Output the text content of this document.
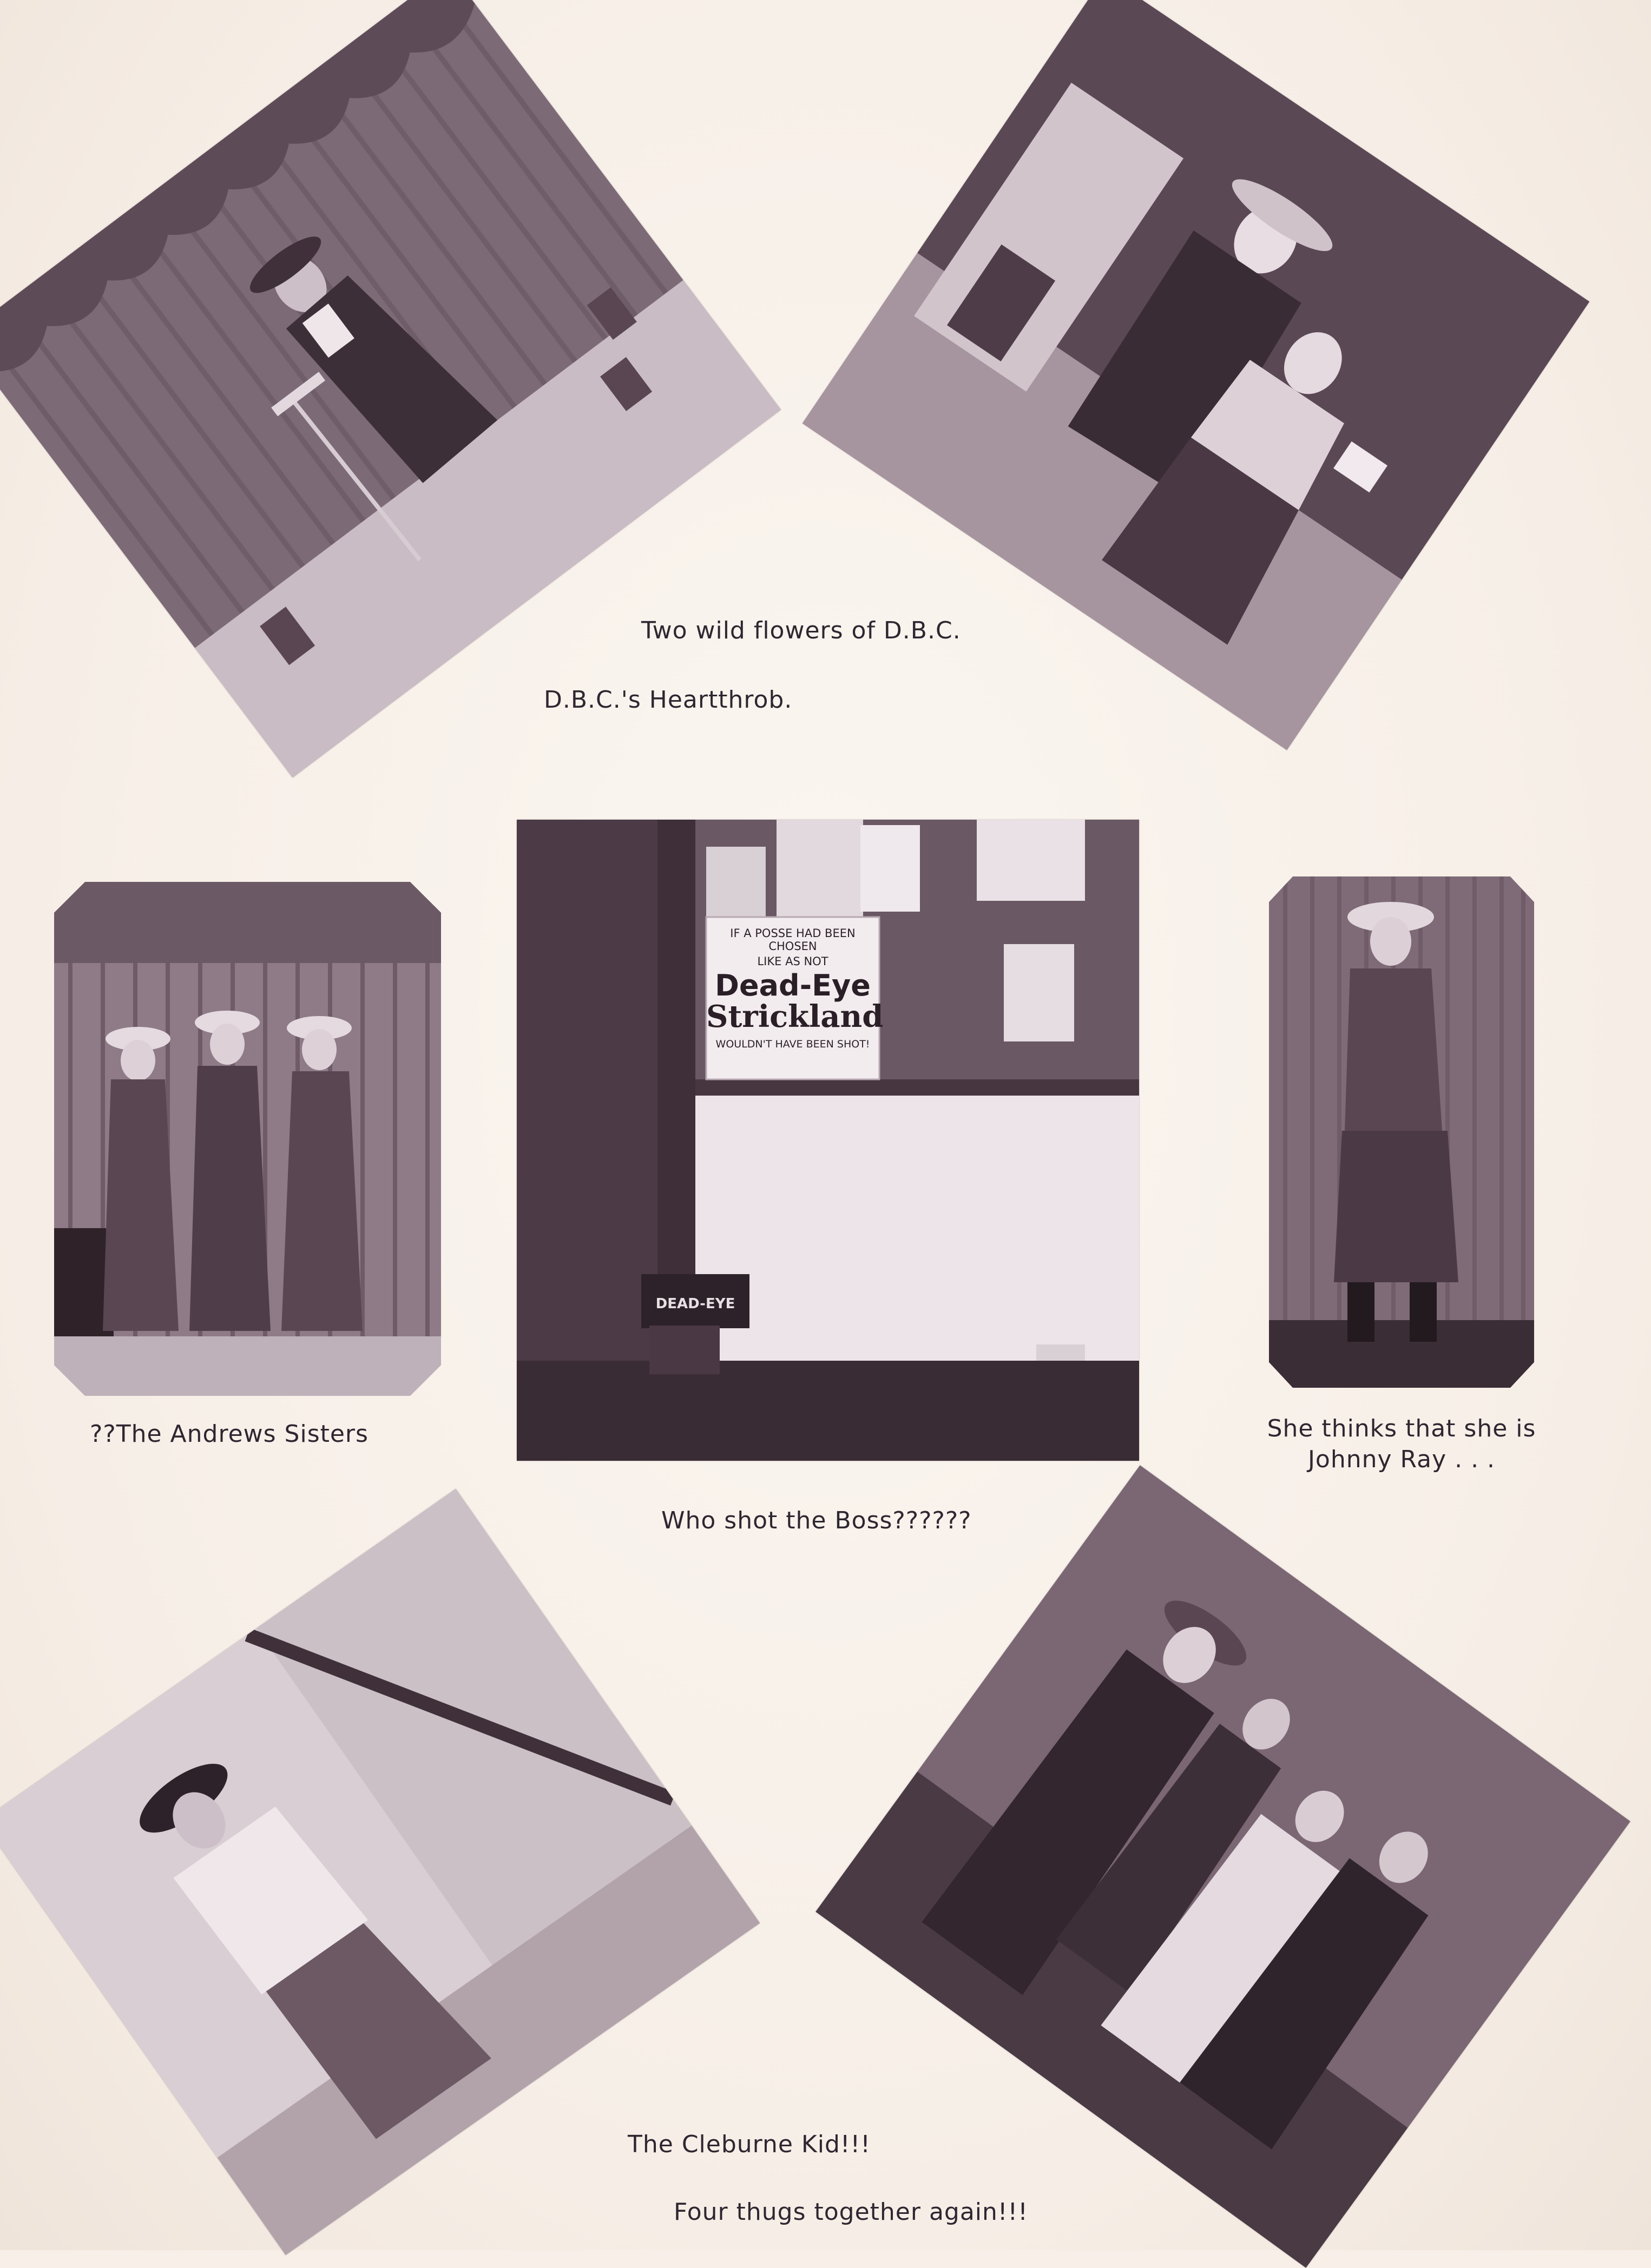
IF A POSSE HAD BEEN CHOSEN
LIKE AS NOT
Dead-Eye
Strickland
WOULDN'T HAVE BEEN SHOT!
DEAD-EYE
Two wild flowers of D.B.C.
D.B.C.'s Heartthrob.
??The Andrews Sisters
Who shot the Boss??????
She thinks that she is
Johnny Ray . . .
The Cleburne Kid!!!
Four thugs together again!!!
